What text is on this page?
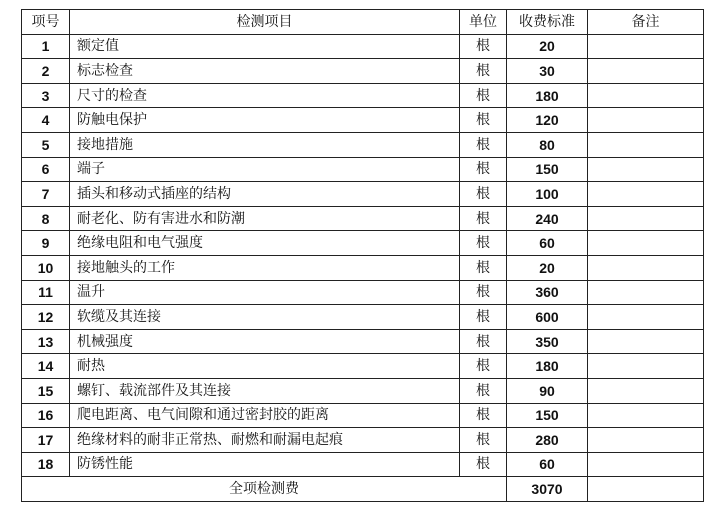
项号	检测项目	单位	收费标准	备注
1	额定值	根	20	
2	标志检查	根	30	
3	尺寸的检查	根	180	
4	防触电保护	根	120	
5	接地措施	根	80	
6	端子	根	150	
7	插头和移动式插座的结构	根	100	
8	耐老化、防有害进水和防潮	根	240	
9	绝缘电阻和电气强度	根	60	
10	接地触头的工作	根	20	
11	温升	根	360	
12	软缆及其连接	根	600	
13	机械强度	根	350	
14	耐热	根	180	
15	螺钉、载流部件及其连接	根	90	
16	爬电距离、电气间隙和通过密封胶的距离	根	150	
17	绝缘材料的耐非正常热、耐燃和耐漏电起痕	根	280	
18	防锈性能	根	60	
全项检测费			3070	
